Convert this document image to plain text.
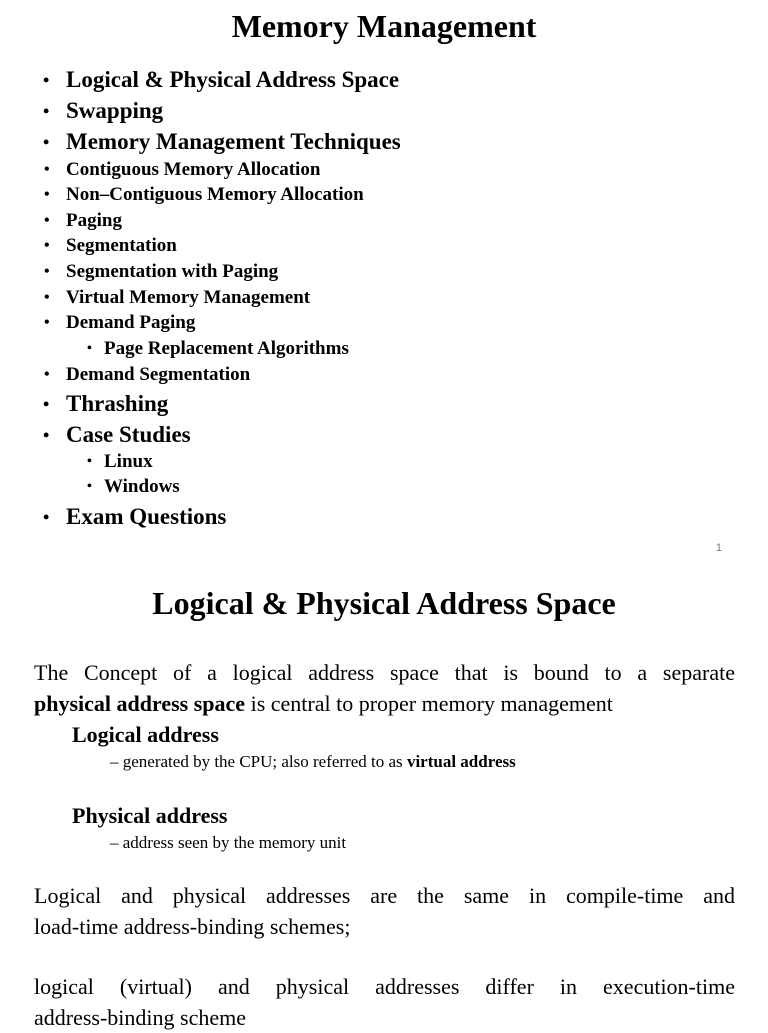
Memory Management
• Logical & Physical Address Space
• Swapping
• Memory Management Techniques
• Contiguous Memory Allocation
• Non–Contiguous Memory Allocation
• Paging
• Segmentation
• Segmentation with Paging
• Virtual Memory Management
• Demand Paging
• Page Replacement Algorithms
• Demand Segmentation
• Thrashing
• Case Studies
• Linux
• Windows
• Exam Questions
1
Logical & Physical Address Space
The Concept of a logical address space that is bound to a separate
physical address space is central to proper memory management
Logical address
– generated by the CPU; also referred to as virtual address
Physical address
– address seen by the memory unit
Logical and physical addresses are the same in compile-time and
load-time address-binding schemes;
logical (virtual) and physical addresses differ in execution-time
address-binding scheme
